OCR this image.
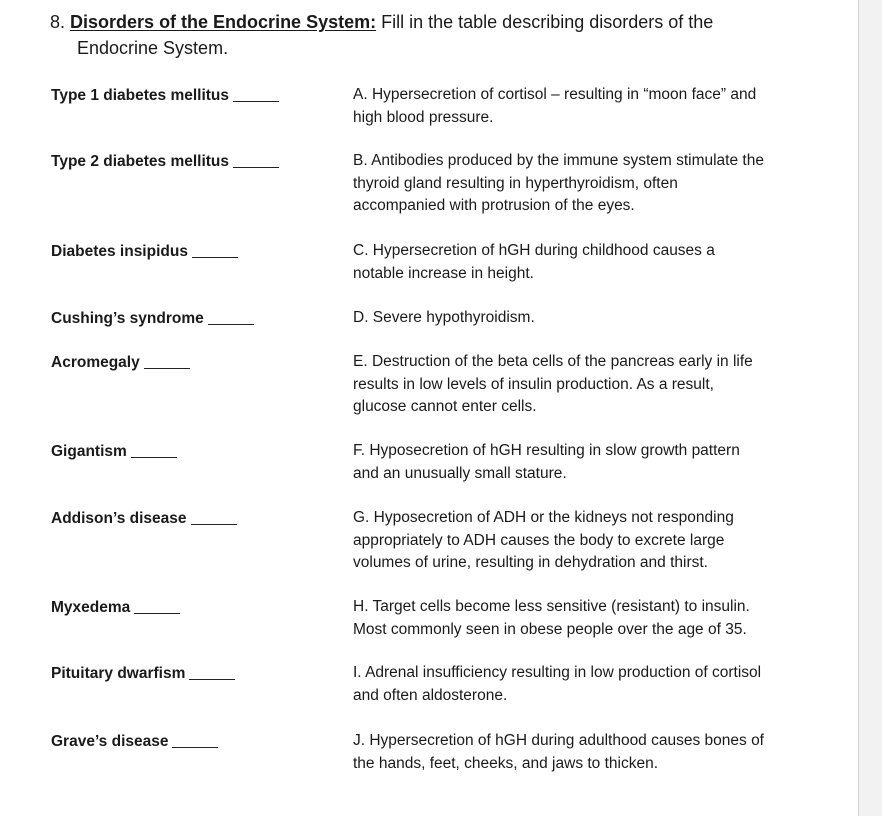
8. Disorders of the Endocrine System: Fill in the table describing disorders of the
Endocrine System.
Type 1 diabetes mellitus
Type 2 diabetes mellitus
Diabetes insipidus
Cushing’s syndrome
Acromegaly
Gigantism
Addison’s disease
Myxedema
Pituitary dwarfism
Grave’s disease
A. Hypersecretion of cortisol – resulting in “moon face” and
high blood pressure.
B. Antibodies produced by the immune system stimulate the
thyroid gland resulting in hyperthyroidism, often
accompanied with protrusion of the eyes.
C. Hypersecretion of hGH during childhood causes a
notable increase in height.
D. Severe hypothyroidism.
E. Destruction of the beta cells of the pancreas early in life
results in low levels of insulin production. As a result,
glucose cannot enter cells.
F. Hyposecretion of hGH resulting in slow growth pattern
and an unusually small stature.
G. Hyposecretion of ADH or the kidneys not responding
appropriately to ADH causes the body to excrete large
volumes of urine, resulting in dehydration and thirst.
H. Target cells become less sensitive (resistant) to insulin.
Most commonly seen in obese people over the age of 35.
I. Adrenal insufficiency resulting in low production of cortisol
and often aldosterone.
J. Hypersecretion of hGH during adulthood causes bones of
the hands, feet, cheeks, and jaws to thicken.
